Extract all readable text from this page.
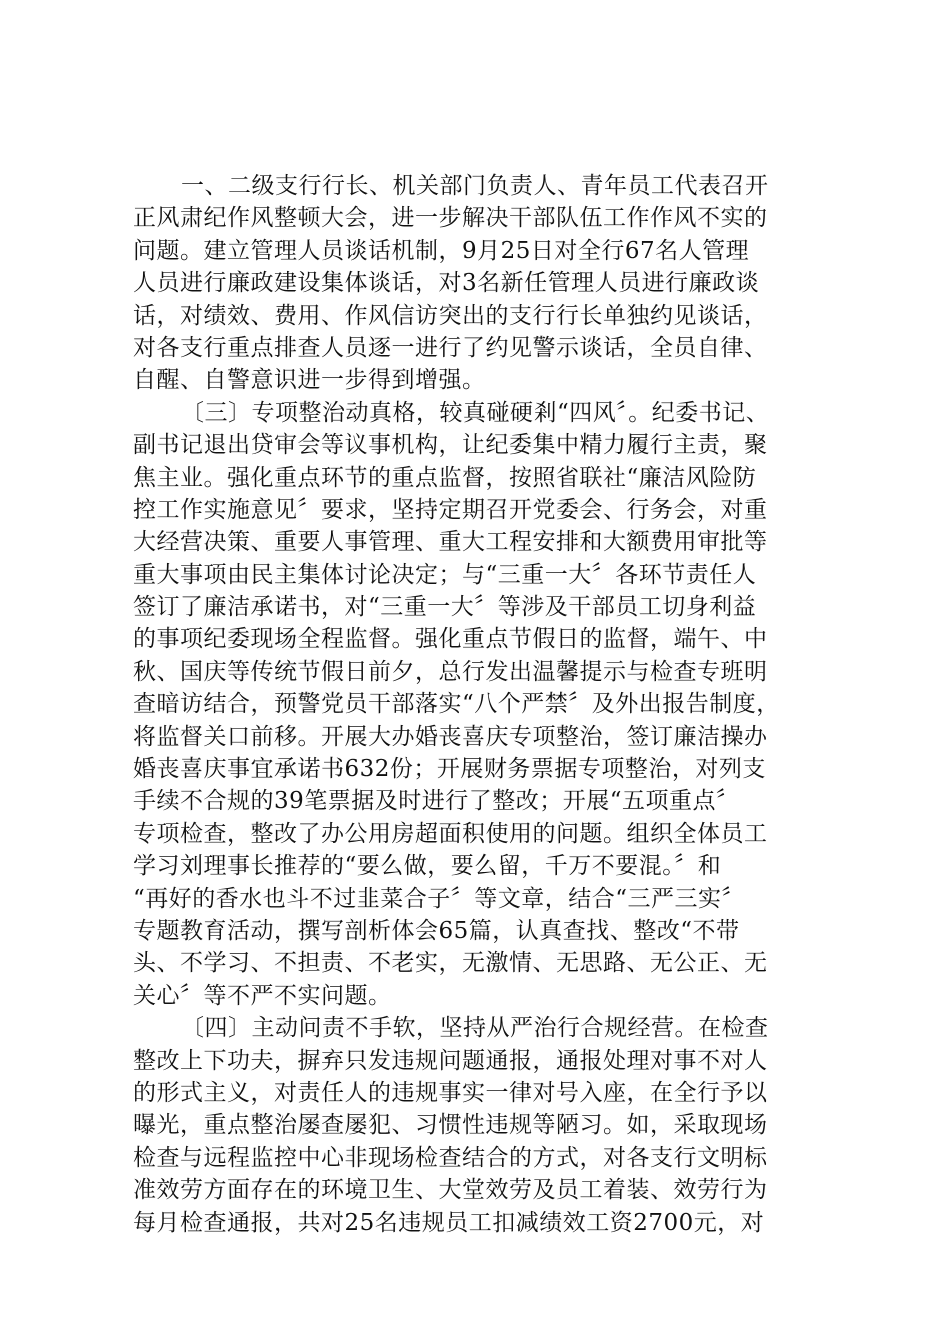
一、二级支行行长、机关部门负责人、青年员工代表召开
正风肃纪作风整顿大会，进一步解决干部队伍工作作风不实的
问题。建立管理人员谈话机制，9月25日对全行67名人管理
人员进行廉政建设集体谈话，对3名新任管理人员进行廉政谈
话，对绩效、费用、作风信访突出的支行行长单独约见谈话，
对各支行重点排查人员逐一进行了约见警示谈话，全员自律、
自醒、自警意识进一步得到增强。
〔三〕专项整治动真格，较真碰硬剎“四风〞。纪委书记、
副书记退出贷审会等议事机构，让纪委集中精力履行主责，聚
焦主业。强化重点环节的重点监督，按照省联社“廉洁风险防
控工作实施意见〞要求，坚持定期召开党委会、行务会，对重
大经营决策、重要人事管理、重大工程安排和大额费用审批等
重大事项由民主集体讨论决定；与“三重一大〞各环节责任人
签订了廉洁承诺书，对“三重一大〞等涉及干部员工切身利益
的事项纪委现场全程监督。强化重点节假日的监督，端午、中
秋、国庆等传统节假日前夕，总行发出温馨提示与检查专班明
查暗访结合，预警党员干部落实“八个严禁〞及外出报告制度，
将监督关口前移。开展大办婚丧喜庆专项整治，签订廉洁操办
婚丧喜庆事宜承诺书632份；开展财务票据专项整治，对列支
手续不合规的39笔票据及时进行了整改；开展“五项重点〞
专项检查，整改了办公用房超面积使用的问题。组织全体员工
学习刘理事长推荐的“要么做，要么留，千万不要混。〞和
“再好的香水也斗不过韭菜合子〞等文章，结合“三严三实〞
专题教育活动，撰写剖析体会65篇，认真查找、整改“不带
头、不学习、不担责、不老实，无激情、无思路、无公正、无
关心〞等不严不实问题。
〔四〕主动问责不手软，坚持从严治行合规经营。在检查
整改上下功夫，摒弃只发违规问题通报，通报处理对事不对人
的形式主义，对责任人的违规事实一律对号入座，在全行予以
曝光，重点整治屡查屡犯、习惯性违规等陋习。如，采取现场
检查与远程监控中心非现场检查结合的方式，对各支行文明标
准效劳方面存在的环境卫生、大堂效劳及员工着装、效劳行为
每月检查通报，共对25名违规员工扣减绩效工资2700元，对
